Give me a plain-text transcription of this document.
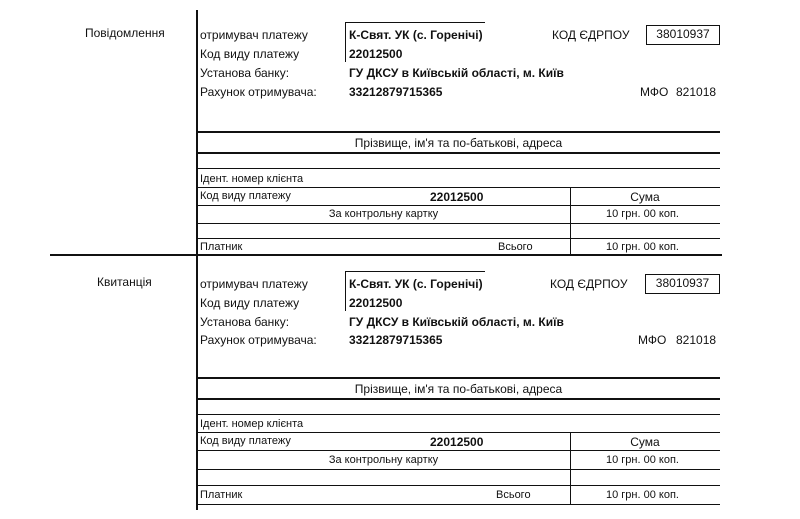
Повідомлення	отримувач платежу	К-Свят. УК (с. Горенічі)	КОД ЄДРПОУ	38010937
Код виду платежу	22012500
Установа банку:	ГУ ДКСУ в Київській області, м. Київ
Рахунок отримувача:	33212879715365	МФО 821018
Прізвище, ім'я та по-батькові, адреса
Ідент. номер клієнта
Код виду платежу	22012500	Сума
За контрольну картку	10 грн. 00 коп.
Платник	Всього	10 грн. 00 коп.
Квитанція	отримувач платежу	К-Свят. УК (с. Горенічі)	КОД ЄДРПОУ	38010937
Код виду платежу	22012500
Установа банку:	ГУ ДКСУ в Київській області, м. Київ
Рахунок отримувача:	33212879715365	МФО 821018
Прізвище, ім'я та по-батькові, адреса
Ідент. номер клієнта
Код виду платежу	22012500	Сума
За контрольну картку	10 грн. 00 коп.
Платник	Всього	10 грн. 00 коп.
